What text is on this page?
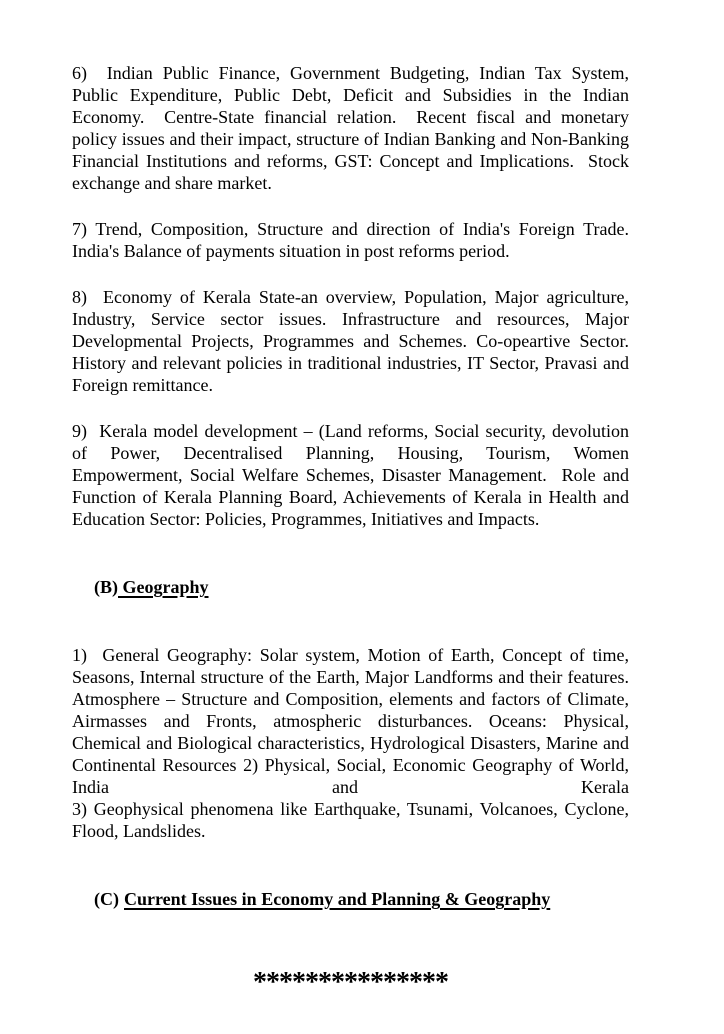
6)  Indian Public Finance, Government Budgeting, Indian Tax System, Public Expenditure, Public Debt, Deficit and Subsidies in the Indian Economy.  Centre-State financial relation.  Recent fiscal and monetary policy issues and their impact, structure of Indian Banking and Non-Banking Financial Institutions and reforms, GST: Concept and Implications.  Stock exchange and share market.

7) Trend, Composition, Structure and direction of India's Foreign Trade. India's Balance of payments situation in post reforms period.

8)  Economy of Kerala State-an overview, Population, Major agriculture, Industry, Service sector issues. Infrastructure and resources, Major Developmental Projects, Programmes and Schemes. Co-opeartive Sector.  History and relevant policies in traditional industries, IT Sector, Pravasi and Foreign remittance.

9)  Kerala model development – (Land reforms, Social security, devolution of Power, Decentralised Planning, Housing, Tourism, Women Empowerment, Social Welfare Schemes, Disaster Management.  Role and Function of Kerala Planning Board, Achievements of Kerala in Health and Education Sector: Policies, Programmes, Initiatives and Impacts.

(B) Geography

1)  General Geography: Solar system, Motion of Earth, Concept of time, Seasons, Internal structure of the Earth, Major Landforms and their features.  Atmosphere – Structure and Composition, elements and factors of Climate, Airmasses and Fronts, atmospheric disturbances. Oceans: Physical, Chemical and Biological characteristics, Hydrological Disasters, Marine and Continental Resources 2) Physical, Social, Economic Geography of World, India and Kerala
3) Geophysical phenomena like Earthquake, Tsunami, Volcanoes, Cyclone, Flood, Landslides.

(C) Current Issues in Economy and Planning & Geography

***************
